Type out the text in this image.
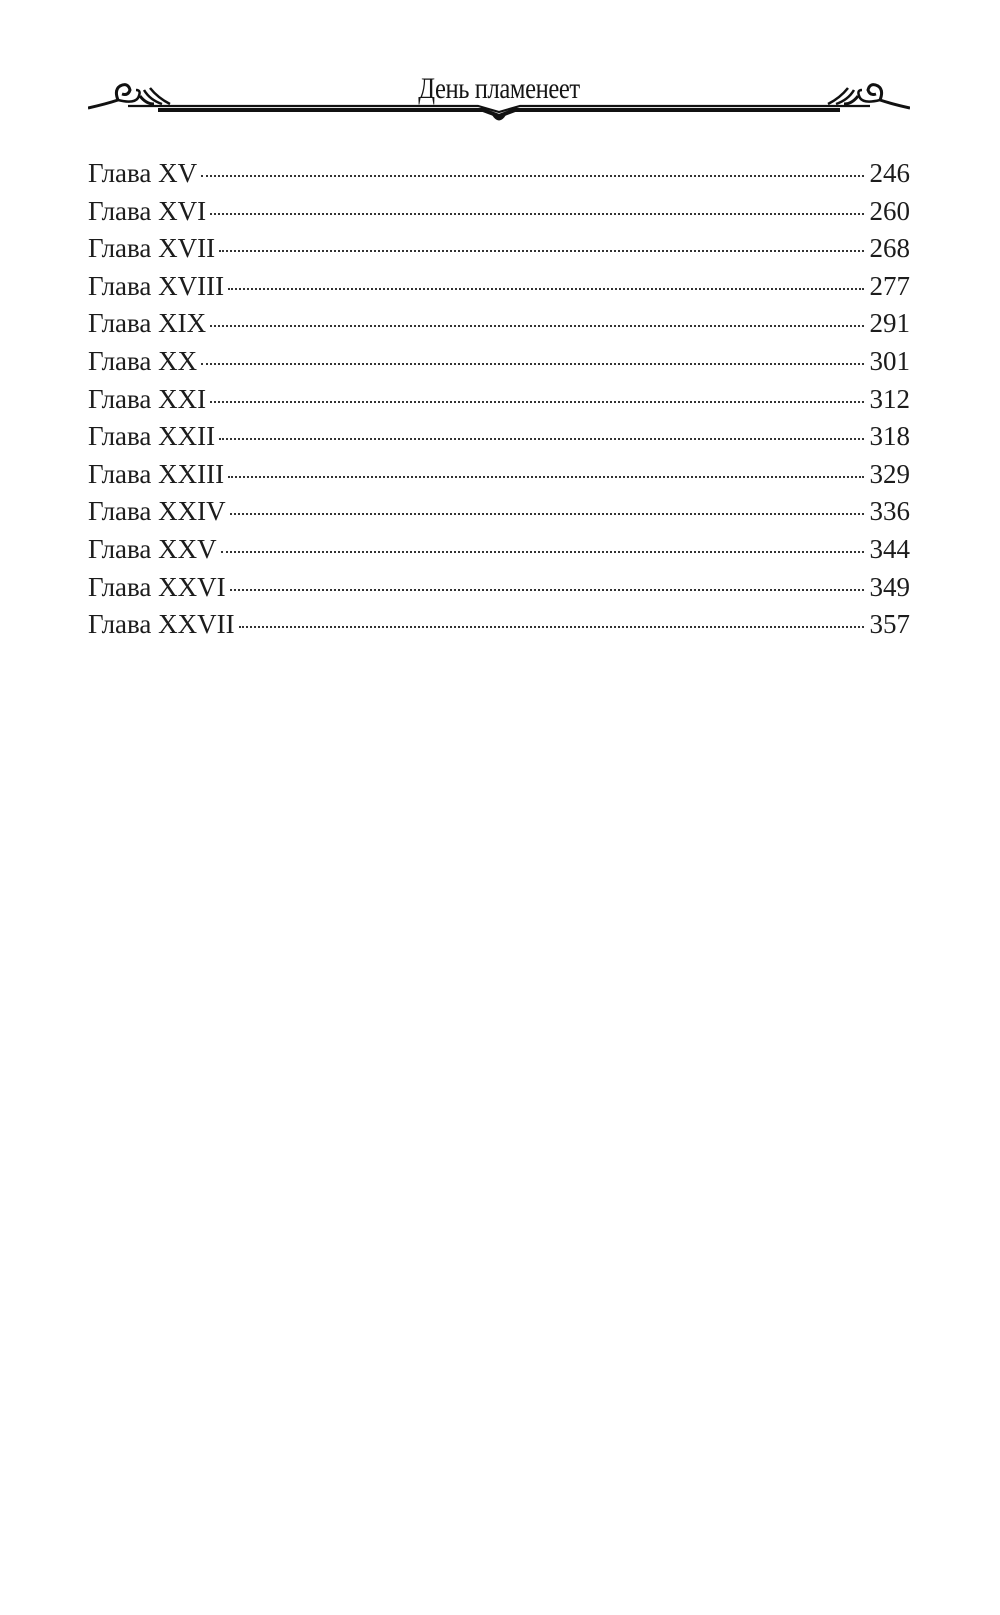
День пламенеет
Глава XV	246
Глава XVI	260
Глава XVII	268
Глава XVIII	277
Глава XIX	291
Глава XX	301
Глава XXI	312
Глава XXII	318
Глава XXIII	329
Глава XXIV	336
Глава XXV	344
Глава XXVI	349
Глава XXVII	357
